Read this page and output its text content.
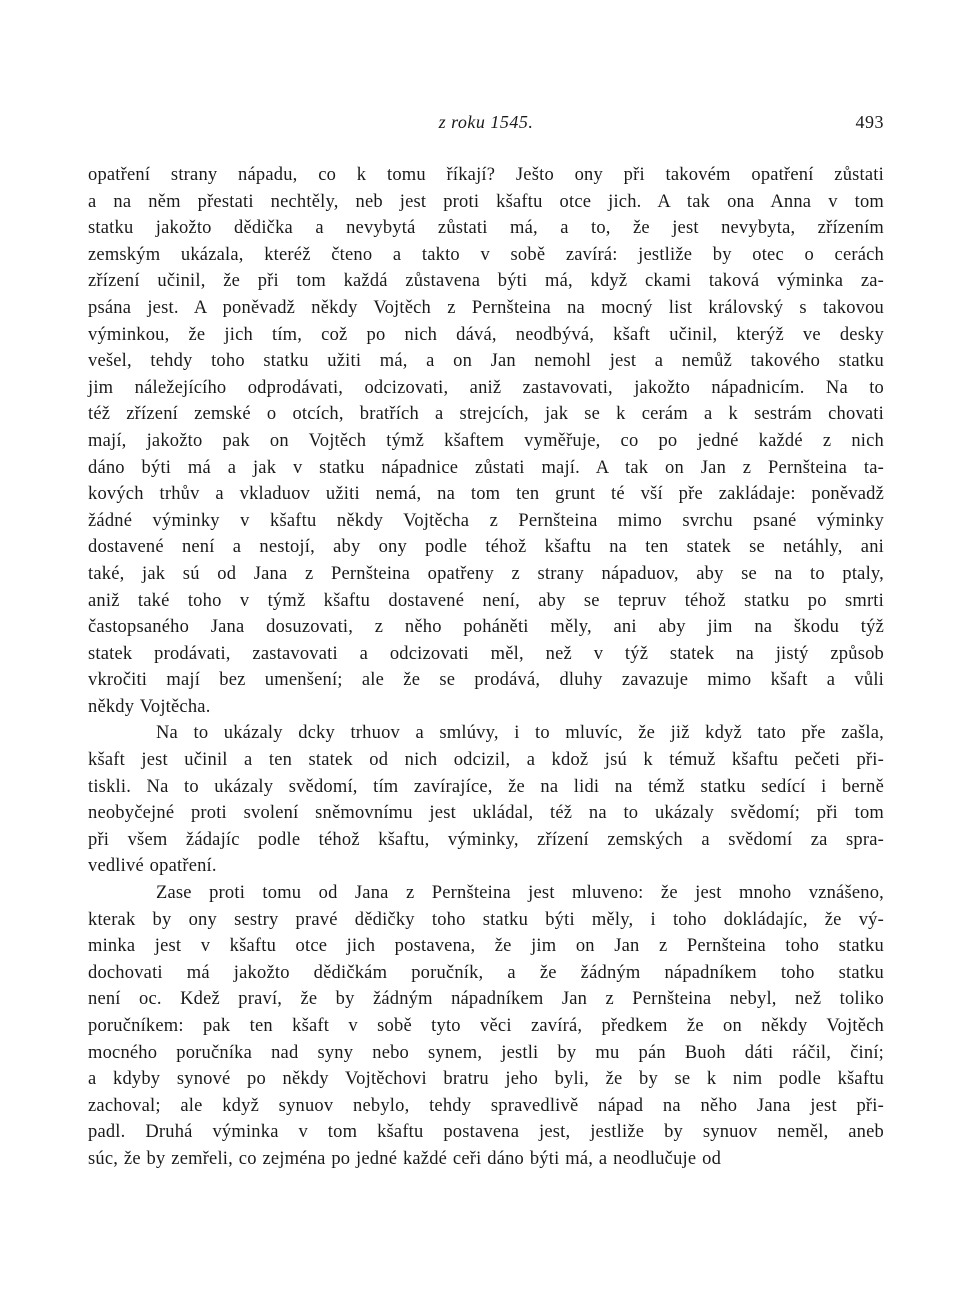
z roku 1545.	493
opatření strany nápadu, co k tomu říkají? Ješto ony při takovém opatření zůstati
a na něm přestati nechtěly, neb jest proti kšaftu otce jich. A tak ona Anna v tom
statku jakožto dědička a nevybytá zůstati má, a to, že jest nevybyta, zřízením
zemským ukázala, kteréž čteno a takto v sobě zavírá: jestliže by otec o cerách
zřízení učinil, že při tom každá zůstavena býti má, když ckami taková výminka za-
psána jest. A poněvadž někdy Vojtěch z Pernšteina na mocný list královský s takovou
výminkou, že jich tím, což po nich dává, neodbývá, kšaft učinil, kterýž ve desky
vešel, tehdy toho statku užiti má, a on Jan nemohl jest a nemůž takového statku
jim náležejícího odprodávati, odcizovati, aniž zastavovati, jakožto nápadnicím. Na to
též zřízení zemské o otcích, bratřích a strejcích, jak se k cerám a k sestrám chovati
mají, jakožto pak on Vojtěch týmž kšaftem vyměřuje, co po jedné každé z nich
dáno býti má a jak v statku nápadnice zůstati mají. A tak on Jan z Pernšteina ta-
kových trhův a vkladuov užiti nemá, na tom ten grunt té vší pře zakládaje: poněvadž
žádné výminky v kšaftu někdy Vojtěcha z Pernšteina mimo svrchu psané výminky
dostavené není a nestojí, aby ony podle téhož kšaftu na ten statek se netáhly, ani
také, jak sú od Jana z Pernšteina opatřeny z strany nápaduov, aby se na to ptaly,
aniž také toho v týmž kšaftu dostavené není, aby se tepruv téhož statku po smrti
častopsaného Jana dosuzovati, z něho poháněti měly, ani aby jim na škodu týž
statek prodávati, zastavovati a odcizovati měl, než v týž statek na jistý způsob
vkročiti mají bez umenšení; ale že se prodává, dluhy zavazuje mimo kšaft a vůli
někdy Vojtěcha.
Na to ukázaly dcky trhuov a smlúvy, i to mluvíc, že již když tato pře zašla,
kšaft jest učinil a ten statek od nich odcizil, a kdož jsú k témuž kšaftu pečeti při-
tiskli. Na to ukázaly svědomí, tím zavírajíce, že na lidi na témž statku sedící i berně
neobyčejné proti svolení sněmovnímu jest ukládal, též na to ukázaly svědomí; při tom
při všem žádajíc podle téhož kšaftu, výminky, zřízení zemských a svědomí za spra-
vedlivé opatření.
Zase proti tomu od Jana z Pernšteina jest mluveno: že jest mnoho vznášeno,
kterak by ony sestry pravé dědičky toho statku býti měly, i toho dokládajíc, že vý-
minka jest v kšaftu otce jich postavena, že jim on Jan z Pernšteina toho statku
dochovati má jakožto dědičkám poručník, a že žádným nápadníkem toho statku
není oc. Kdež praví, že by žádným nápadníkem Jan z Pernšteina nebyl, než toliko
poručníkem: pak ten kšaft v sobě tyto věci zavírá, předkem že on někdy Vojtěch
mocného poručníka nad syny nebo synem, jestli by mu pán Buoh dáti ráčil, činí;
a kdyby synové po někdy Vojtěchovi bratru jeho byli, že by se k nim podle kšaftu
zachoval; ale když synuov nebylo, tehdy spravedlivě nápad na něho Jana jest při-
padl. Druhá výminka v tom kšaftu postavena jest, jestliže by synuov neměl, aneb
súc, že by zemřeli, co zejména po jedné každé ceři dáno býti má, a neodlučuje od
